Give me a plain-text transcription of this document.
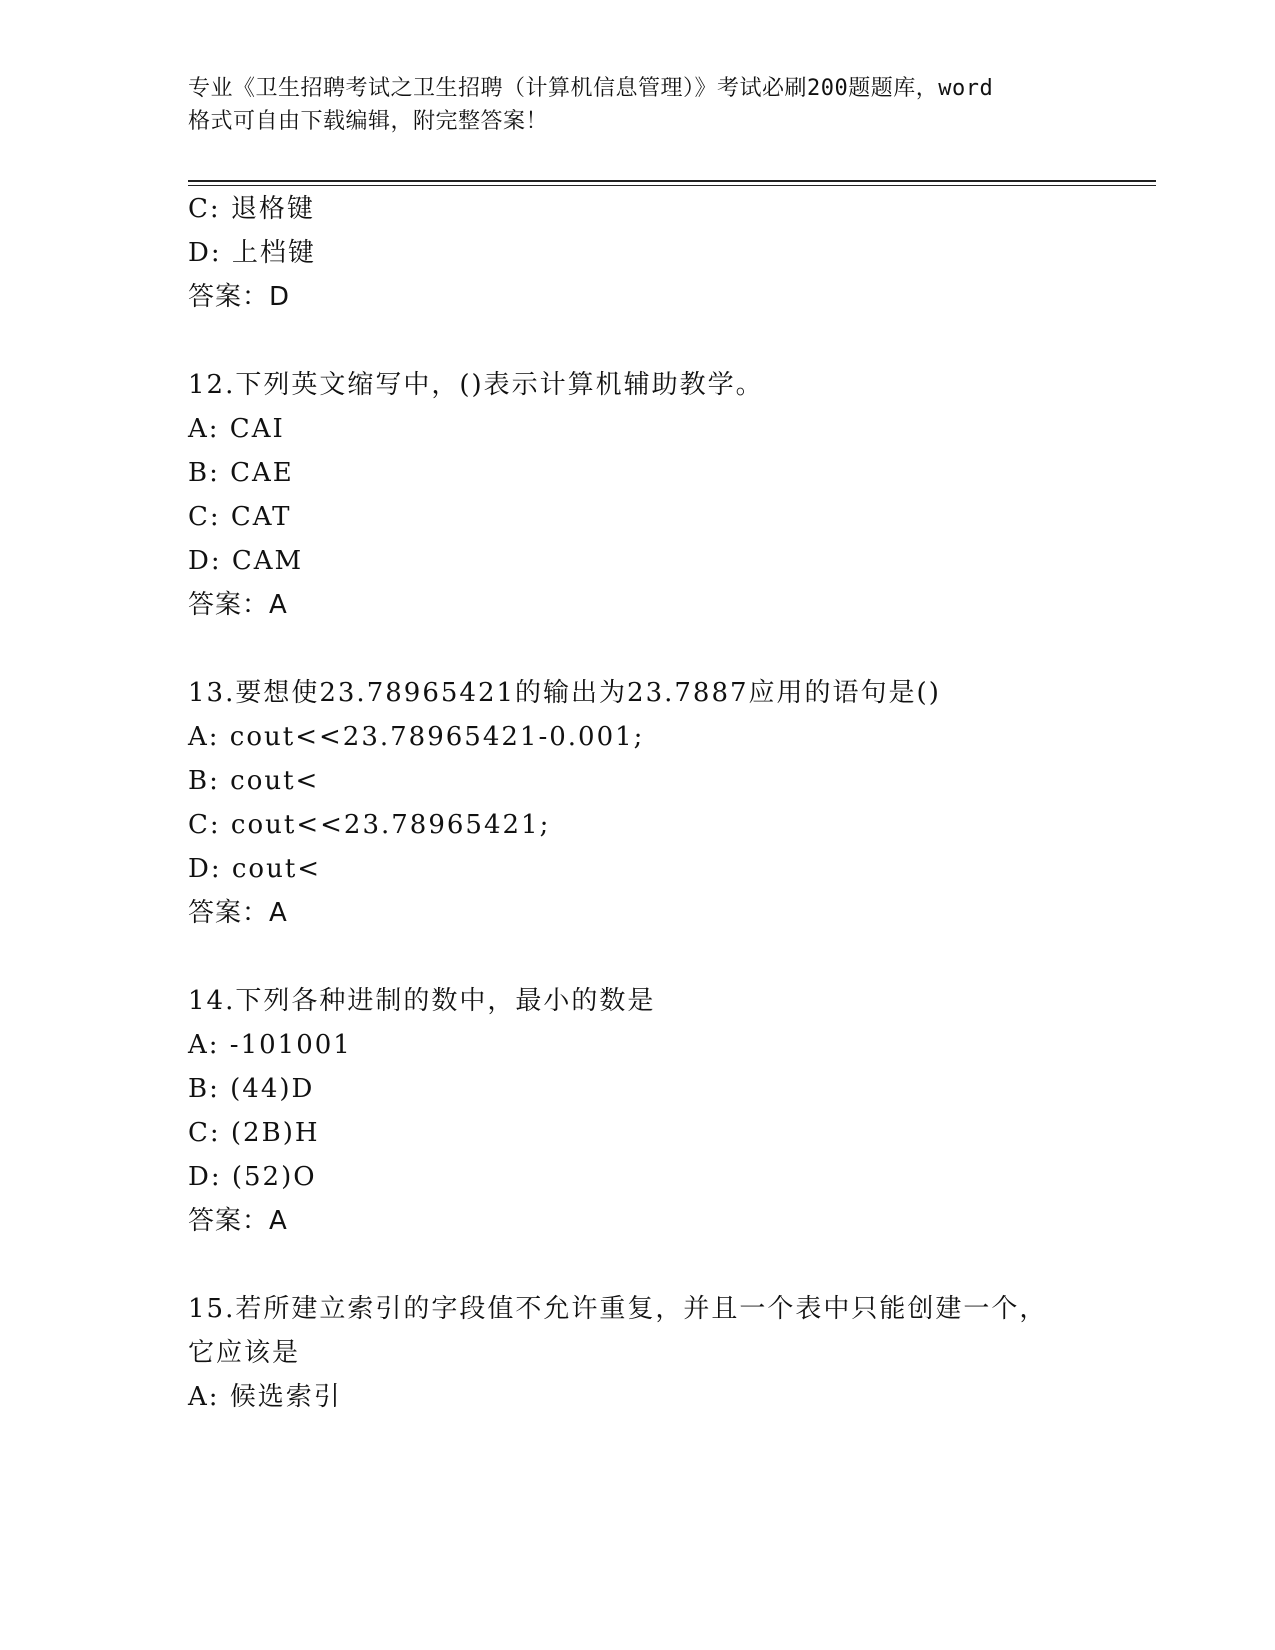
专业《卫生招聘考试之卫生招聘（计算机信息管理）》考试必刷200题题库，word
格式可自由下载编辑，附完整答案！
C: 退格键
D: 上档键
答案：D
12.下列英文缩写中，()表示计算机辅助教学。
A: CAI
B: CAE
C: CAT
D: CAM
答案：A
13.要想使23.78965421的输出为23.7887应用的语句是()
A: cout<<23.78965421-0.001;
B: cout<
C: cout<<23.78965421;
D: cout<
答案：A
14.下列各种进制的数中，最小的数是
A: -101001
B: (44)D
C: (2B)H
D: (52)O
答案：A
15.若所建立索引的字段值不允许重复，并且一个表中只能创建一个，
它应该是
A: 候选索引
